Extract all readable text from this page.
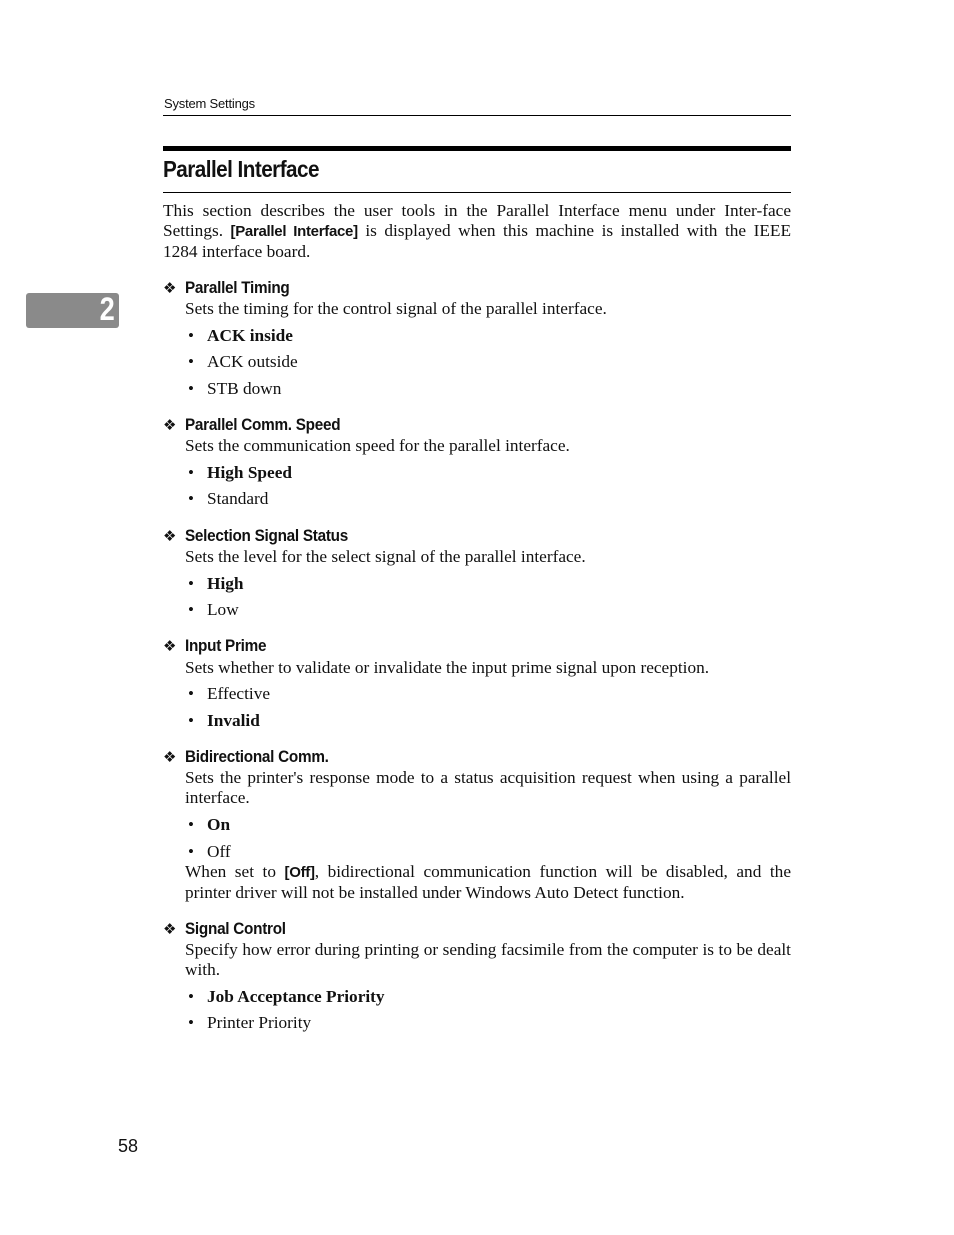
System Settings
2
Parallel Interface
This section describes the user tools in the Parallel Interface menu under Inter-face Settings. [Parallel Interface] is displayed when this machine is installed with the IEEE 1284 interface board.
❖ Parallel Timing
Sets the timing for the control signal of the parallel interface.
• ACK inside
• ACK outside
• STB down
❖ Parallel Comm. Speed
Sets the communication speed for the parallel interface.
• High Speed
• Standard
❖ Selection Signal Status
Sets the level for the select signal of the parallel interface.
• High
• Low
❖ Input Prime
Sets whether to validate or invalidate the input prime signal upon reception.
• Effective
• Invalid
❖ Bidirectional Comm.
Sets the printer's response mode to a status acquisition request when using a parallel interface.
• On
• Off
When set to [Off], bidirectional communication function will be disabled, and the printer driver will not be installed under Windows Auto Detect function.
❖ Signal Control
Specify how error during printing or sending facsimile from the computer is to be dealt with.
• Job Acceptance Priority
• Printer Priority
58
